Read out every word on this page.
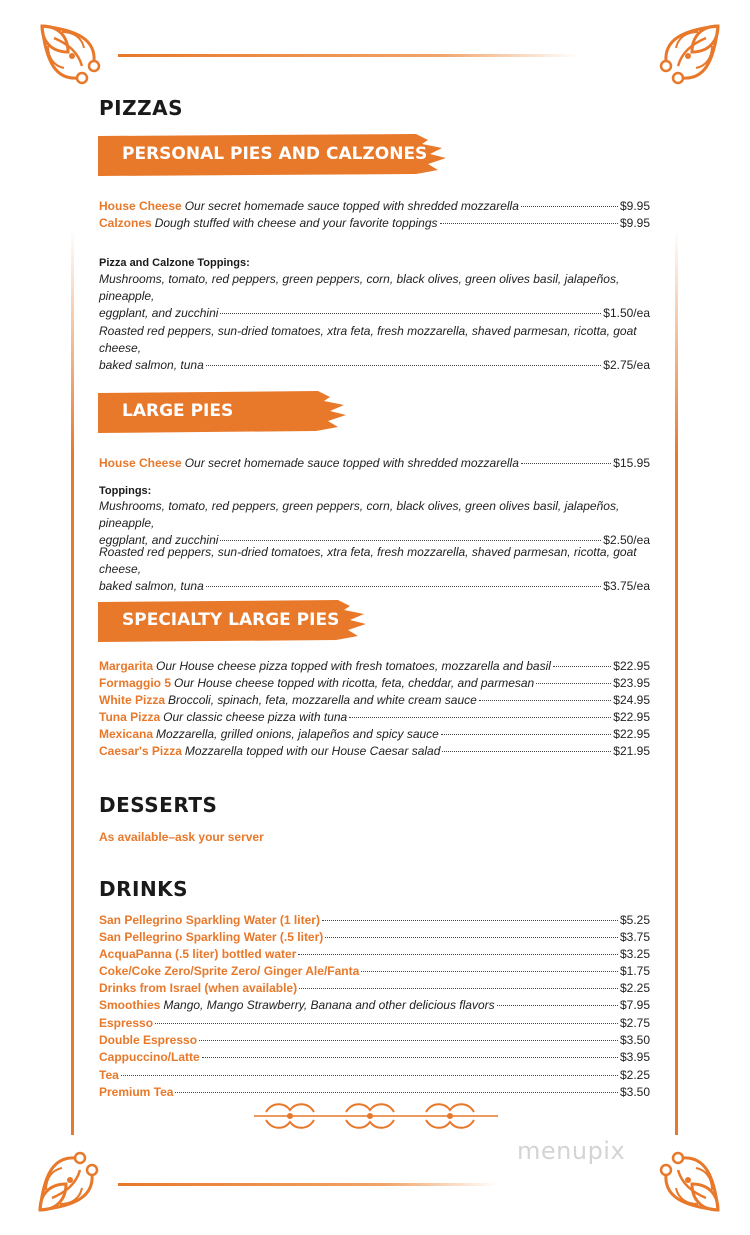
PIZZAS
PERSONAL PIES AND CALZONES
House Cheese Our secret homemade sauce topped with shredded mozzarella	$9.95
Calzones Dough stuffed with cheese and your favorite toppings	$9.95
Pizza and Calzone Toppings:
Mushrooms, tomato, red peppers, green peppers, corn, black olives, green olives basil, jalapeños, pineapple,
eggplant, and zucchini	$1.50/ea
Roasted red peppers, sun-dried tomatoes, xtra feta, fresh mozzarella, shaved parmesan, ricotta, goat cheese,
baked salmon, tuna	$2.75/ea
LARGE PIES
House Cheese Our secret homemade sauce topped with shredded mozzarella	$15.95
Toppings:
Mushrooms, tomato, red peppers, green peppers, corn, black olives, green olives basil, jalapeños, pineapple,
eggplant, and zucchini	$2.50/ea
Roasted red peppers, sun-dried tomatoes, xtra feta, fresh mozzarella, shaved parmesan, ricotta, goat cheese,
baked salmon, tuna	$3.75/ea
SPECIALTY LARGE PIES
Margarita Our House cheese pizza topped with fresh tomatoes, mozzarella and basil	$22.95
Formaggio 5 Our House cheese topped with ricotta, feta, cheddar, and parmesan	$23.95
White Pizza Broccoli, spinach, feta, mozzarella and white cream sauce	$24.95
Tuna Pizza Our classic cheese pizza with tuna	$22.95
Mexicana Mozzarella, grilled onions, jalapeños and spicy sauce	$22.95
Caesar's Pizza Mozzarella topped with our House Caesar salad	$21.95
DESSERTS
As available–ask your server
DRINKS
San Pellegrino Sparkling Water (1 liter)	$5.25
San Pellegrino Sparkling Water (.5 liter)	$3.75
AcquaPanna (.5 liter) bottled water	$3.25
Coke/Coke Zero/Sprite Zero/ Ginger Ale/Fanta	$1.75
Drinks from Israel (when available)	$2.25
Smoothies Mango, Mango Strawberry, Banana and other delicious flavors	$7.95
Espresso	$2.75
Double Espresso	$3.50
Cappuccino/Latte	$3.95
Tea	$2.25
Premium Tea	$3.50
menupix
